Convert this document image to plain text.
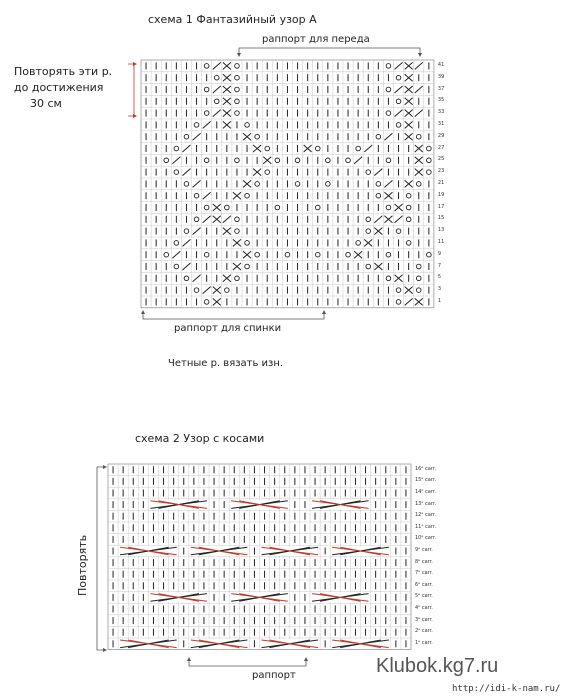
схема 1 Фантазийный узор А
раппорт для переда
Повторять эти р.
до достижения
30 см
41
39
37
35
33
31
29
27
25
23
21
19
17
15
13
11
9
7
5
3
1
раппорт для спинки
Четные р. вязать изн.
схема 2 Узор с косами
Повторять
16ᵉ carr.
15ᵉ carr.
14ᵉ carr.
13ᵉ carr.
12ᵉ carr.
11ᵉ carr.
10ᵉ carr.
9ᵉ carr.
8ᵉ carr.
7ᵉ carr.
6ᵉ carr.
5ᵉ carr.
4ᵉ carr.
3ᵉ carr.
2ᵉ carr.
1ᵉ carr.
раппорт	Klubok.kg7.ru
http://idi-k-nam.ru/
